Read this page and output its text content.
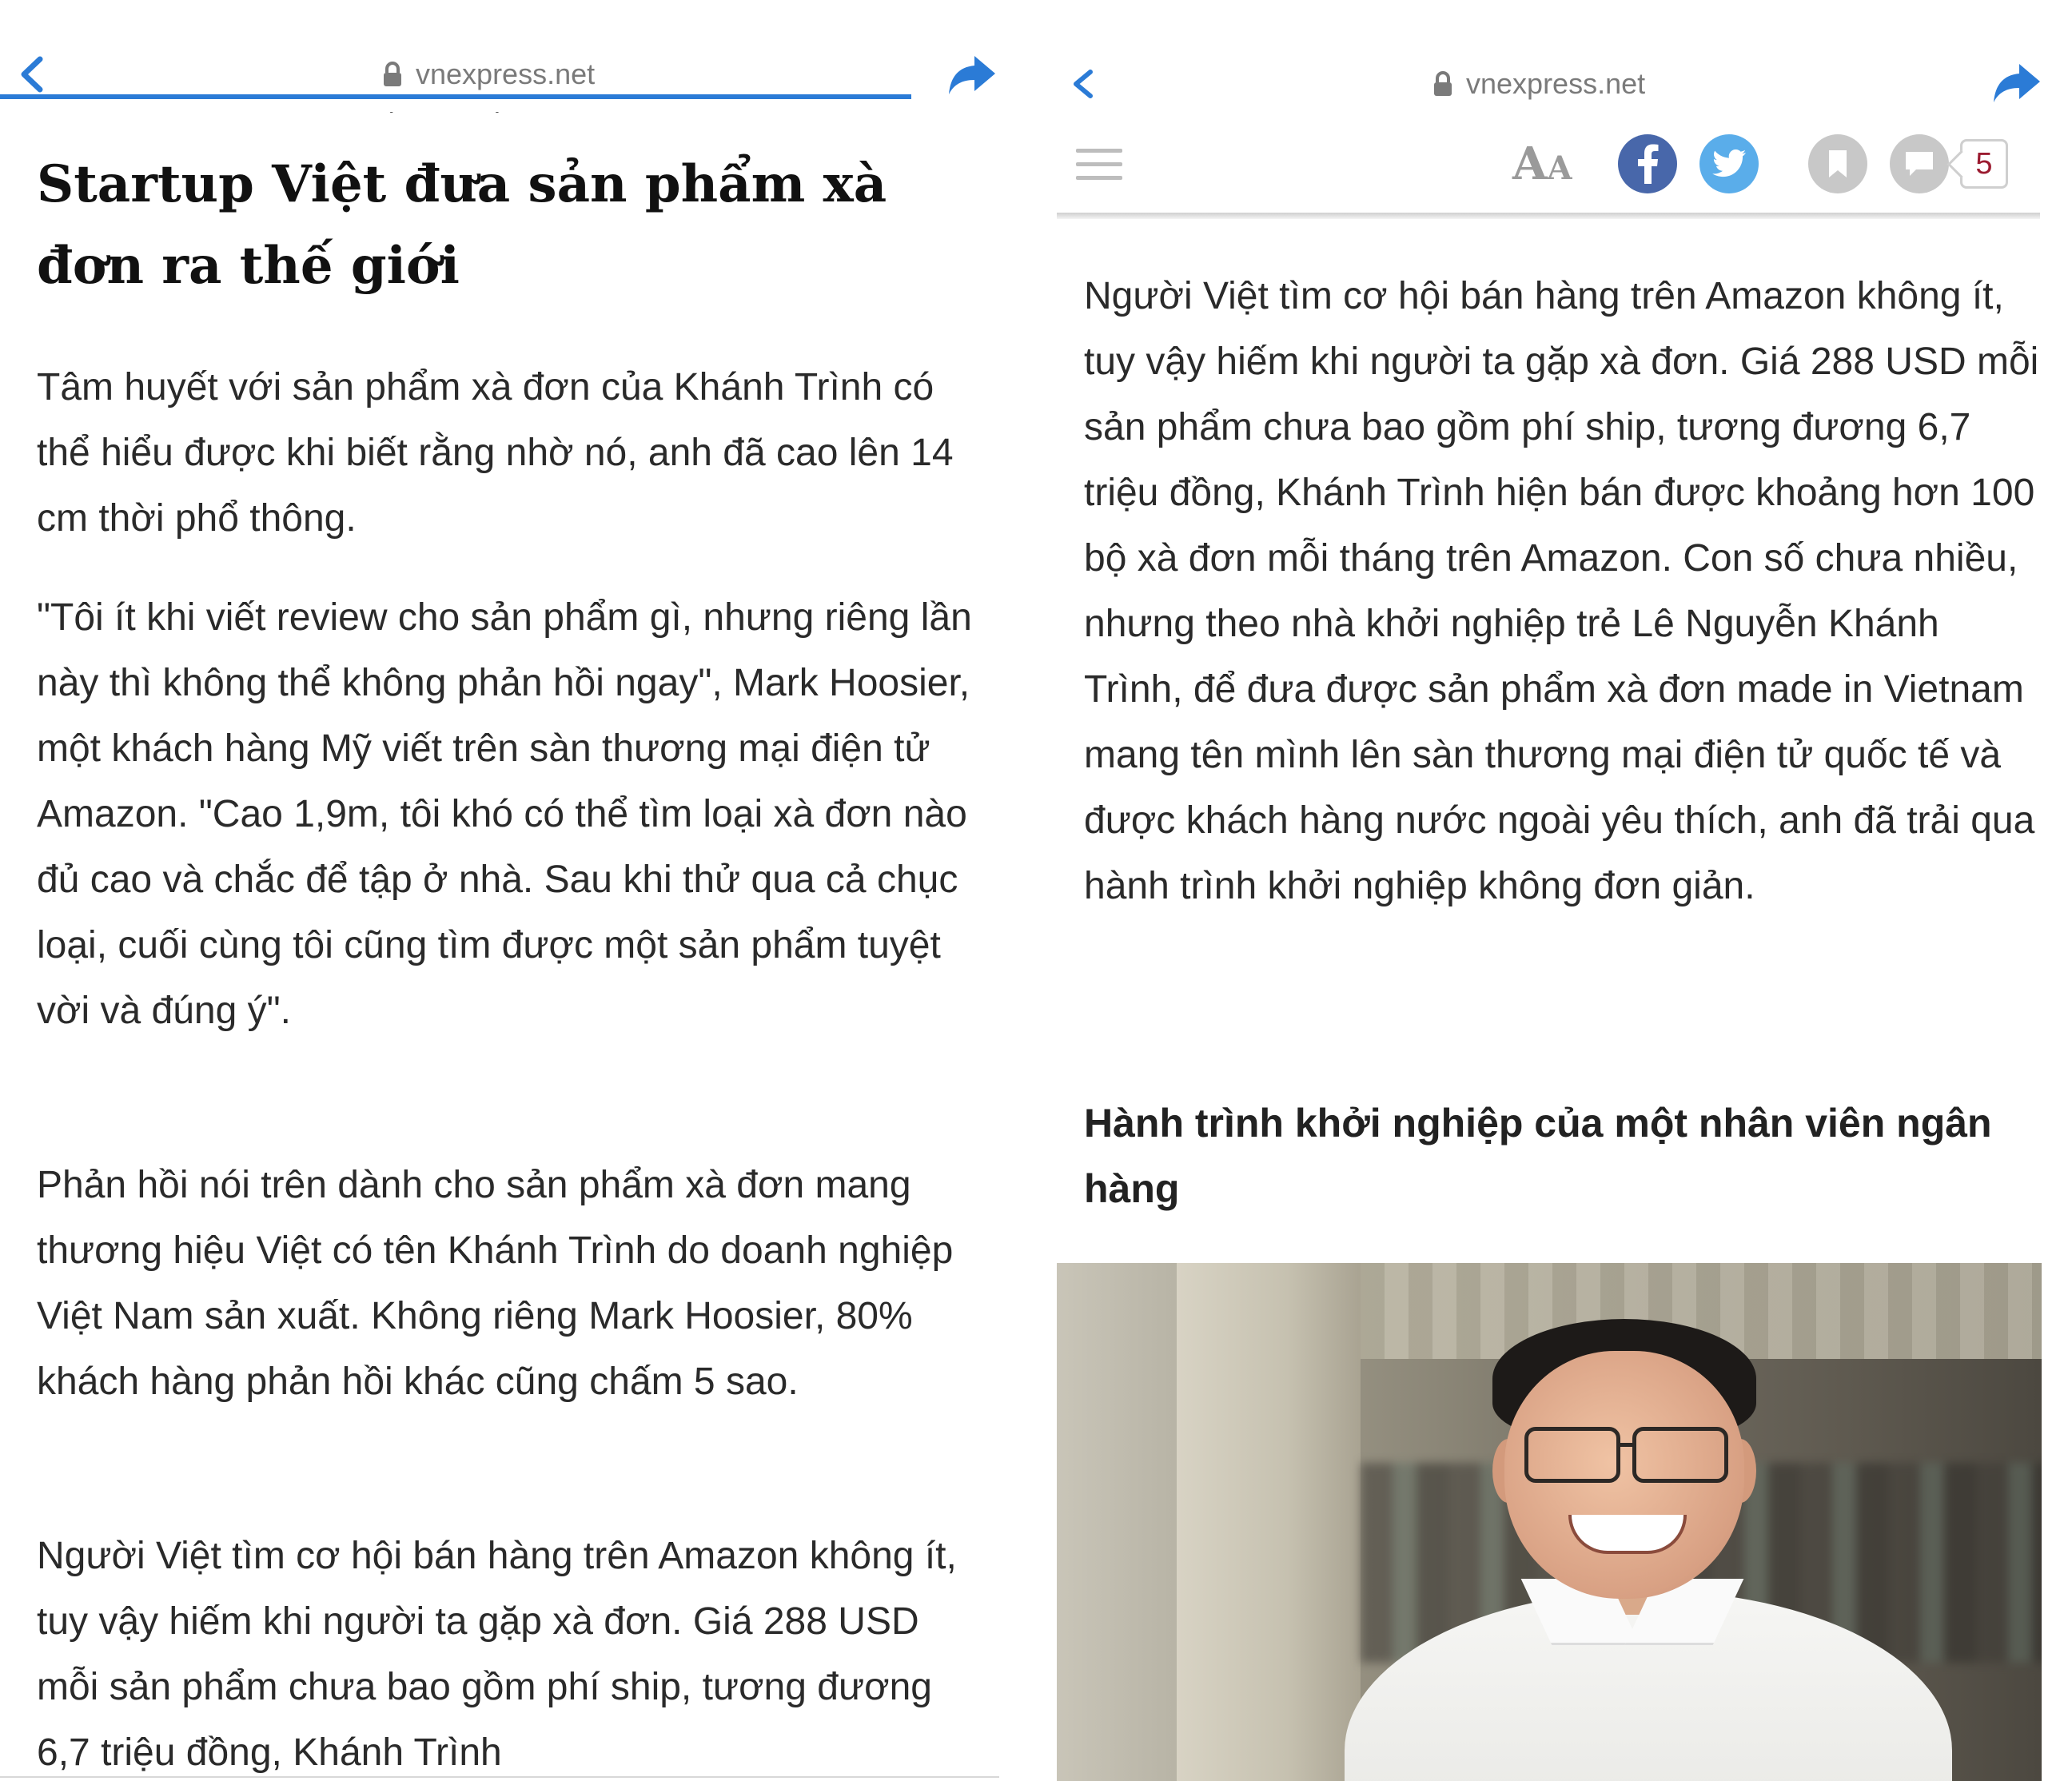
vnexpress.net
Startup Việt đưa sản phẩm xà đơn ra thế giới

Tâm huyết với sản phẩm xà đơn của Khánh Trình có thể hiểu được khi biết rằng nhờ nó, anh đã cao lên 14 cm thời phổ thông.

"Tôi ít khi viết review cho sản phẩm gì, nhưng riêng lần này thì không thể không phản hồi ngay", Mark Hoosier, một khách hàng Mỹ viết trên sàn thương mại điện tử Amazon. "Cao 1,9m, tôi khó có thể tìm loại xà đơn nào đủ cao và chắc để tập ở nhà. Sau khi thử qua cả chục loại, cuối cùng tôi cũng tìm được một sản phẩm tuyệt vời và đúng ý".

Phản hồi nói trên dành cho sản phẩm xà đơn mang thương hiệu Việt có tên Khánh Trình do doanh nghiệp Việt Nam sản xuất. Không riêng Mark Hoosier, 80% khách hàng phản hồi khác cũng chấm 5 sao.

Người Việt tìm cơ hội bán hàng trên Amazon không ít, tuy vậy hiếm khi người ta gặp xà đơn. Giá 288 USD mỗi sản phẩm chưa bao gồm phí ship, tương đương 6,7 triệu đồng, Khánh Trình

vnexpress.net
AA	5

Người Việt tìm cơ hội bán hàng trên Amazon không ít, tuy vậy hiếm khi người ta gặp xà đơn. Giá 288 USD mỗi sản phẩm chưa bao gồm phí ship, tương đương 6,7 triệu đồng, Khánh Trình hiện bán được khoảng hơn 100 bộ xà đơn mỗi tháng trên Amazon. Con số chưa nhiều, nhưng theo nhà khởi nghiệp trẻ Lê Nguyễn Khánh Trình, để đưa được sản phẩm xà đơn made in Vietnam mang tên mình lên sàn thương mại điện tử quốc tế và được khách hàng nước ngoài yêu thích, anh đã trải qua hành trình khởi nghiệp không đơn giản.

Hành trình khởi nghiệp của một nhân viên ngân hàng
